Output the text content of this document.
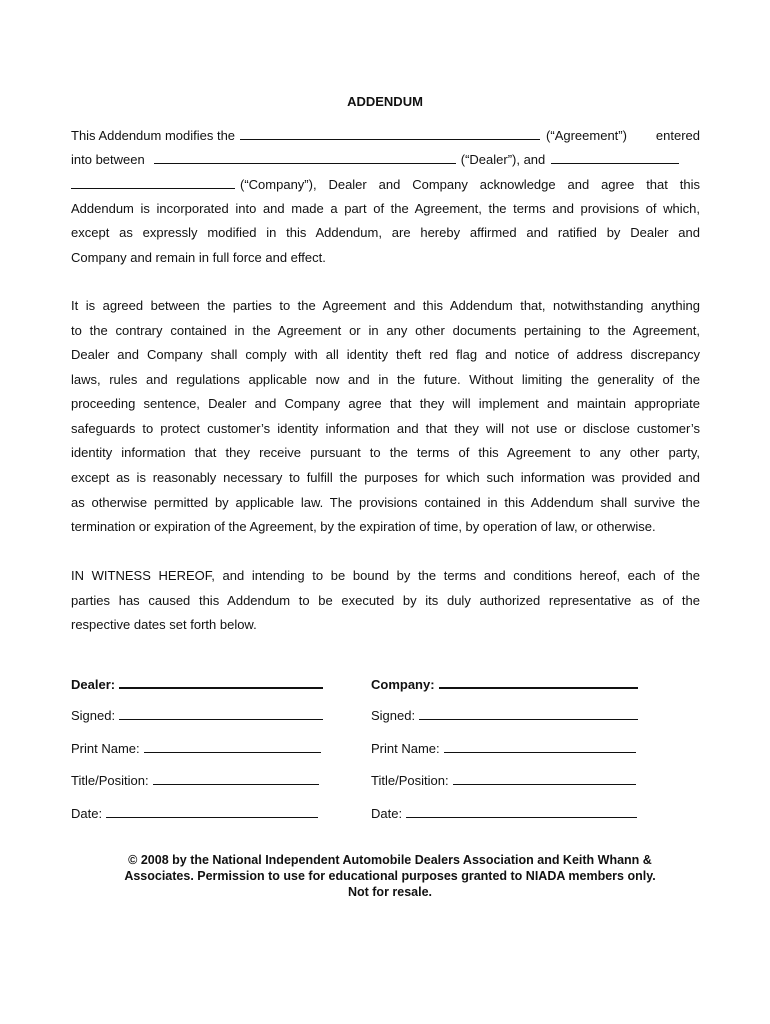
ADDENDUM
This Addendum modifies the	(“Agreement”) entered
into between	(“Dealer”), and
(“Company”), Dealer and Company acknowledge and agree that this
Addendum is incorporated into and made a part of the Agreement, the terms and provisions of which,
except as expressly modified in this Addendum, are hereby affirmed and ratified by Dealer and
Company and remain in full force and effect.
It is agreed between the parties to the Agreement and this Addendum that, notwithstanding anything
to the contrary contained in the Agreement or in any other documents pertaining to the Agreement,
Dealer and Company shall comply with all identity theft red flag and notice of address discrepancy
laws, rules and regulations applicable now and in the future. Without limiting the generality of the
proceeding sentence, Dealer and Company agree that they will implement and maintain appropriate
safeguards to protect customer’s identity information and that they will not use or disclose customer’s
identity information that they receive pursuant to the terms of this Agreement to any other party,
except as is reasonably necessary to fulfill the purposes for which such information was provided and
as otherwise permitted by applicable law. The provisions contained in this Addendum shall survive the
termination or expiration of the Agreement, by the expiration of time, by operation of law, or otherwise.
IN WITNESS HEREOF, and intending to be bound by the terms and conditions hereof, each of the
parties has caused this Addendum to be executed by its duly authorized representative as of the
respective dates set forth below.
Dealer:
Signed:
Print Name:
Title/Position:
Date:
Company:
Signed:
Print Name:
Title/Position:
Date:
© 2008 by the National Independent Automobile Dealers Association and Keith Whann &
Associates. Permission to use for educational purposes granted to NIADA members only.
Not for resale.
